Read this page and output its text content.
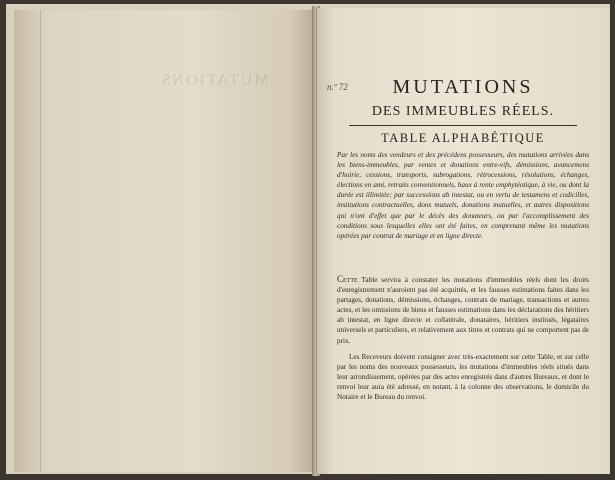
MUTATIONS	n.º 72	MUTATIONS
DES IMMEUBLES RÉELS.
TABLE ALPHABÉTIQUE
Par les noms des vendeurs et des précédens possesseurs, des mutations arrivées dans les biens-immeubles, par ventes et donations entre-vifs, démissions, avancemens d'hoirie, cessions, transports, subrogations, rétrocessions, résolutions, échanges, élections en ami, retraits conventionnels, baux à rente emphytéotique, à vie, ou dont la durée est illimitée; par successions ab intestat, ou en vertu de testamens et codicilles, institutions contractuelles, dons mutuels, donations mutuelles, et autres dispositions qui n'ont d'effet que par le décès des donateurs, ou par l'accomplissement des conditions sous lesquelles elles ont été faites, en comprenant même les mutations opérées par contrat de mariage et en ligne directe.
Cette Table servira à constater les mutations d'immeubles réels dont les droits d'enregistrement n'auroient pas été acquittés, et les fausses estimations faites dans les partages, donations, démissions, échanges, contrats de mariage, transactions et autres actes, et les omissions de biens et fausses estimations dans les déclarations des héritiers ab intestat, en ligne directe et collatérale, donataires, héritiers institués, légataires universels et particuliers, et relativement aux titres et contrats qui ne comportent pas de prix.
Les Receveurs doivent consigner avec très-exactement sur cette Table, et sur celle par les noms des nouveaux possesseurs, les mutations d'immeubles réels situés dans leur arrondissement, opérées par des actes enregistrés dans d'autres Bureaux, et dont le renvoi leur aura été adressé, en notant, à la colonne des observations, le domicile du Notaire et le Bureau du renvoi.
